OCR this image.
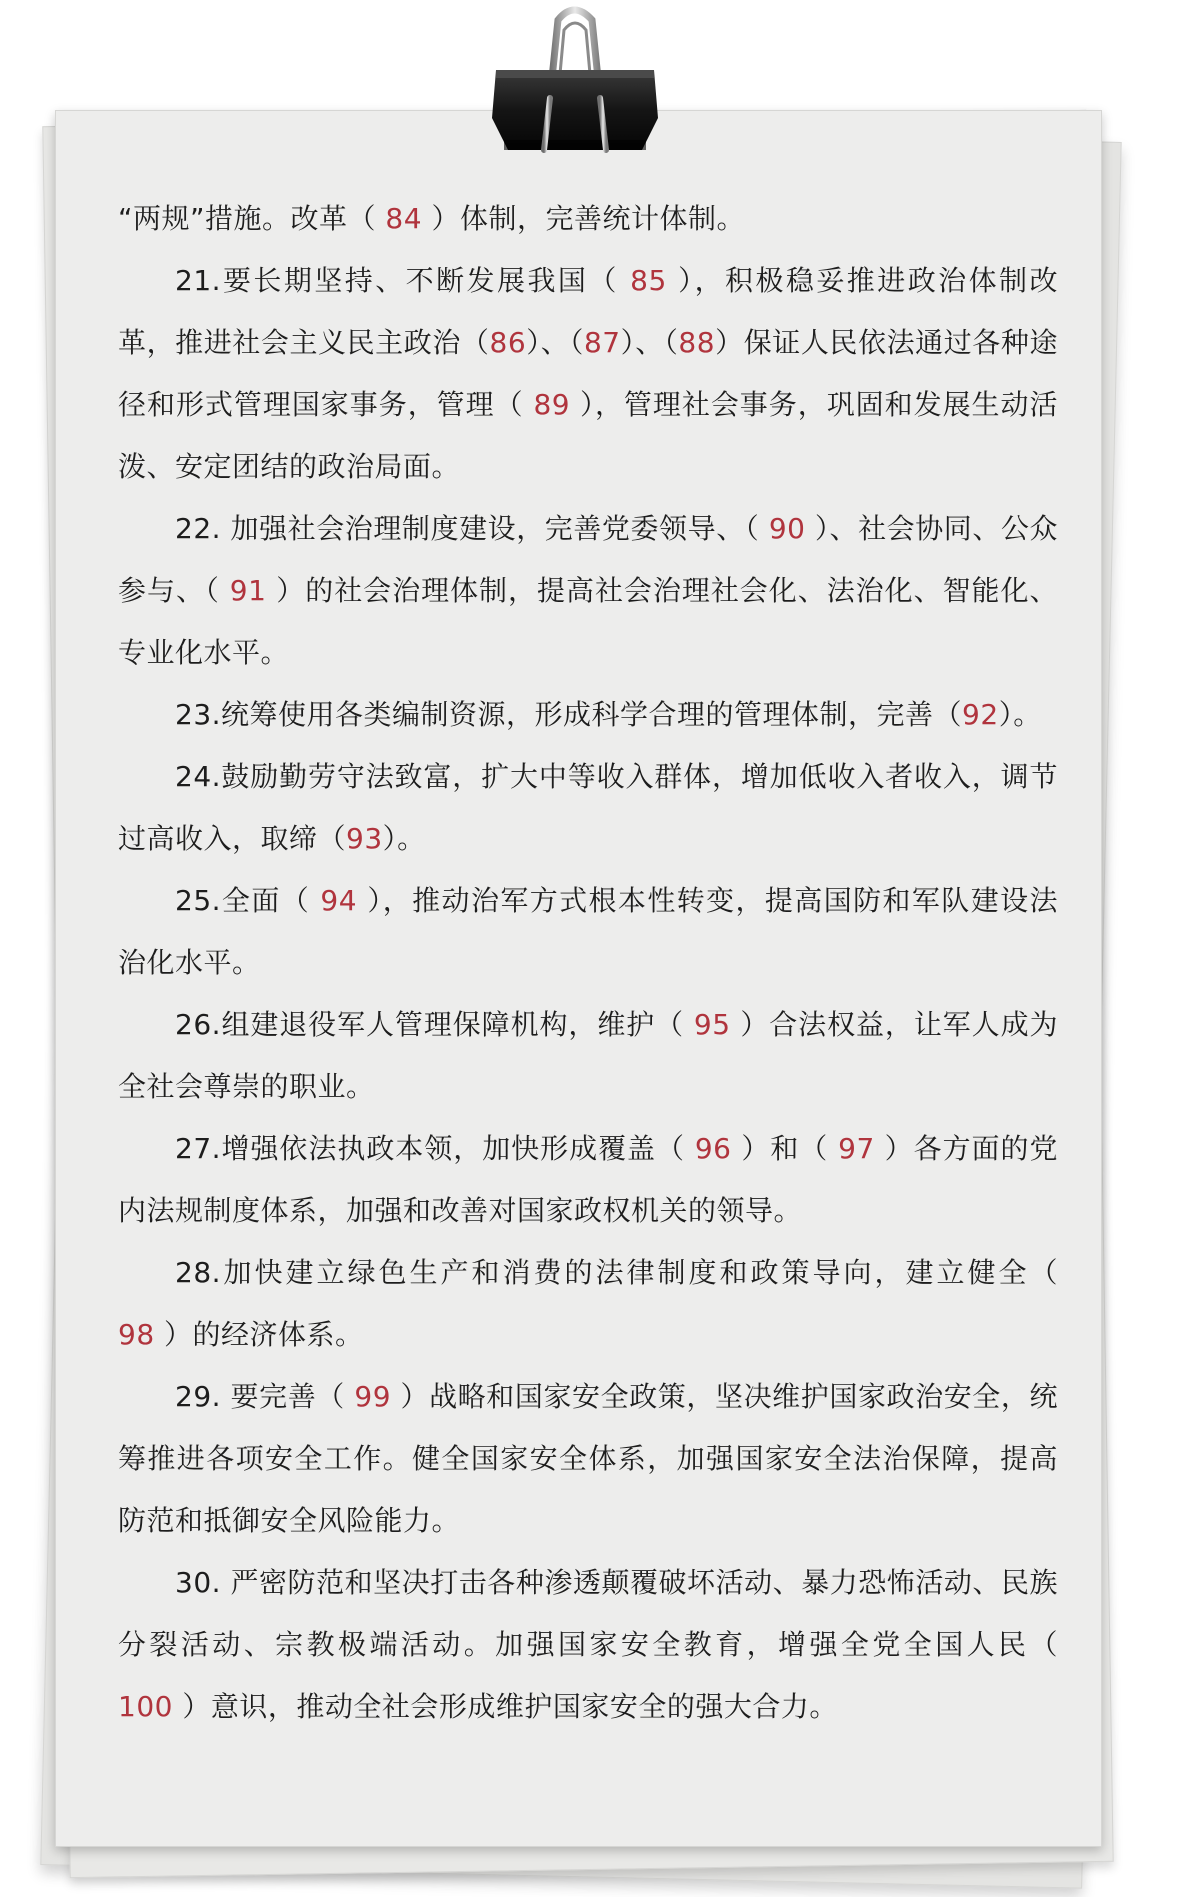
“两规”措施。改革（ 84 ）体制，完善统计体制。

21.要长期坚持、不断发展我国（ 85 ），积极稳妥推进政治体制改革，推进社会主义民主政治（86）、（87）、（88）保证人民依法通过各种途径和形式管理国家事务，管理（ 89 ），管理社会事务，巩固和发展生动活泼、安定团结的政治局面。

22. 加强社会治理制度建设，完善党委领导、（ 90 ）、社会协同、公众参与、（ 91 ）的社会治理体制，提高社会治理社会化、法治化、智能化、专业化水平。

23.统筹使用各类编制资源，形成科学合理的管理体制，完善（92）。

24.鼓励勤劳守法致富，扩大中等收入群体，增加低收入者收入，调节过高收入，取缔（93）。

25.全面（ 94 ），推动治军方式根本性转变，提高国防和军队建设法治化水平。

26.组建退役军人管理保障机构，维护（ 95 ）合法权益，让军人成为全社会尊崇的职业。

27.增强依法执政本领，加快形成覆盖（ 96 ）和（ 97 ）各方面的党内法规制度体系，加强和改善对国家政权机关的领导。

28.加快建立绿色生产和消费的法律制度和政策导向，建立健全（ 98 ）的经济体系。

29. 要完善（ 99 ）战略和国家安全政策，坚决维护国家政治安全，统筹推进各项安全工作。健全国家安全体系，加强国家安全法治保障，提高防范和抵御安全风险能力。

30. 严密防范和坚决打击各种渗透颠覆破坏活动、暴力恐怖活动、民族分裂活动、宗教极端活动。加强国家安全教育，增强全党全国人民（ 100 ）意识，推动全社会形成维护国家安全的强大合力。
